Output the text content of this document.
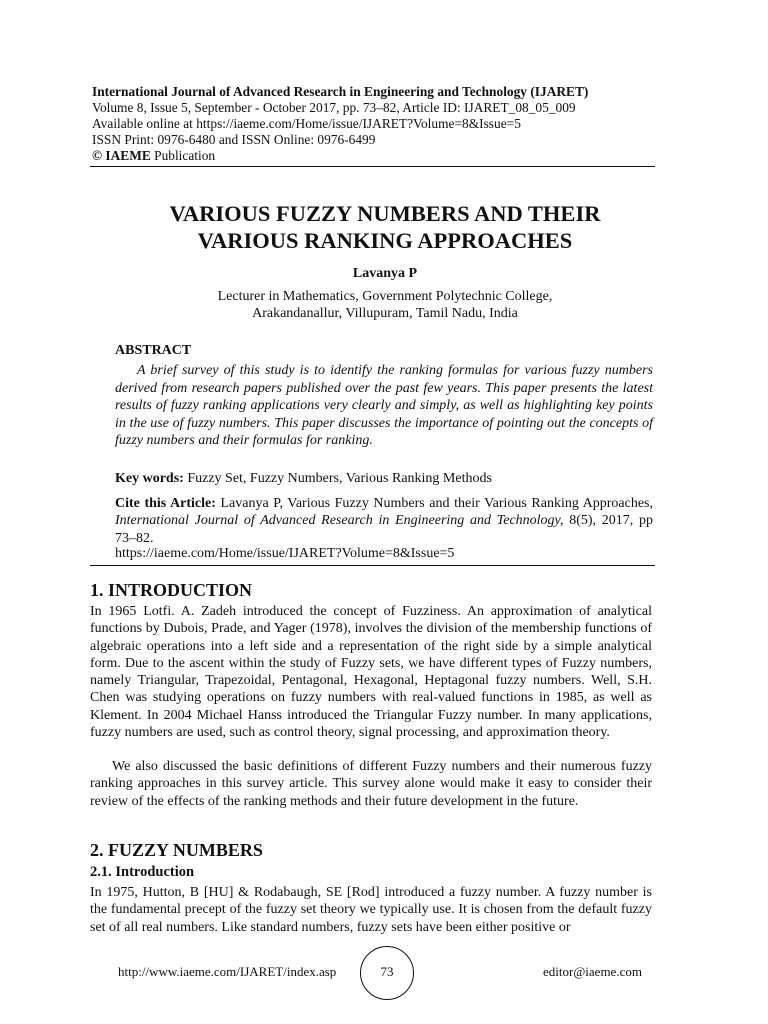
International Journal of Advanced Research in Engineering and Technology (IJARET)
Volume 8, Issue 5, September - October 2017, pp. 73–82, Article ID: IJARET_08_05_009
Available online at https://iaeme.com/Home/issue/IJARET?Volume=8&Issue=5
ISSN Print: 0976-6480 and ISSN Online: 0976-6499
© IAEME Publication
VARIOUS FUZZY NUMBERS AND THEIR
VARIOUS RANKING APPROACHES
Lavanya P
Lecturer in Mathematics, Government Polytechnic College,
Arakandanallur, Villupuram, Tamil Nadu, India
ABSTRACT

A brief survey of this study is to identify the ranking formulas for various fuzzy numbers derived from research papers published over the past few years. This paper presents the latest results of fuzzy ranking applications very clearly and simply, as well as highlighting key points in the use of fuzzy numbers. This paper discusses the importance of pointing out the concepts of fuzzy numbers and their formulas for ranking.

Key words: Fuzzy Set, Fuzzy Numbers, Various Ranking Methods

Cite this Article: Lavanya P, Various Fuzzy Numbers and their Various Ranking Approaches, International Journal of Advanced Research in Engineering and Technology, 8(5), 2017, pp 73–82.

https://iaeme.com/Home/issue/IJARET?Volume=8&Issue=5
1. INTRODUCTION

In 1965 Lotfi. A. Zadeh introduced the concept of Fuzziness. An approximation of analytical functions by Dubois, Prade, and Yager (1978), involves the division of the membership functions of algebraic operations into a left side and a representation of the right side by a simple analytical form. Due to the ascent within the study of Fuzzy sets, we have different types of Fuzzy numbers, namely Triangular, Trapezoidal, Pentagonal, Hexagonal, Heptagonal fuzzy numbers. Well, S.H. Chen was studying operations on fuzzy numbers with real-valued functions in 1985, as well as Klement. In 2004 Michael Hanss introduced the Triangular Fuzzy number. In many applications, fuzzy numbers are used, such as control theory, signal processing, and approximation theory.

We also discussed the basic definitions of different Fuzzy numbers and their numerous fuzzy ranking approaches in this survey article. This survey alone would make it easy to consider their review of the effects of the ranking methods and their future development in the future.

2. FUZZY NUMBERS
2.1. Introduction

In 1975, Hutton, B [HU] & Rodabaugh, SE [Rod] introduced a fuzzy number. A fuzzy number is the fundamental precept of the fuzzy set theory we typically use. It is chosen from the default fuzzy set of all real numbers. Like standard numbers, fuzzy sets have been either positive or

http://www.iaeme.com/IJARET/index.asp	73	editor@iaeme.com
